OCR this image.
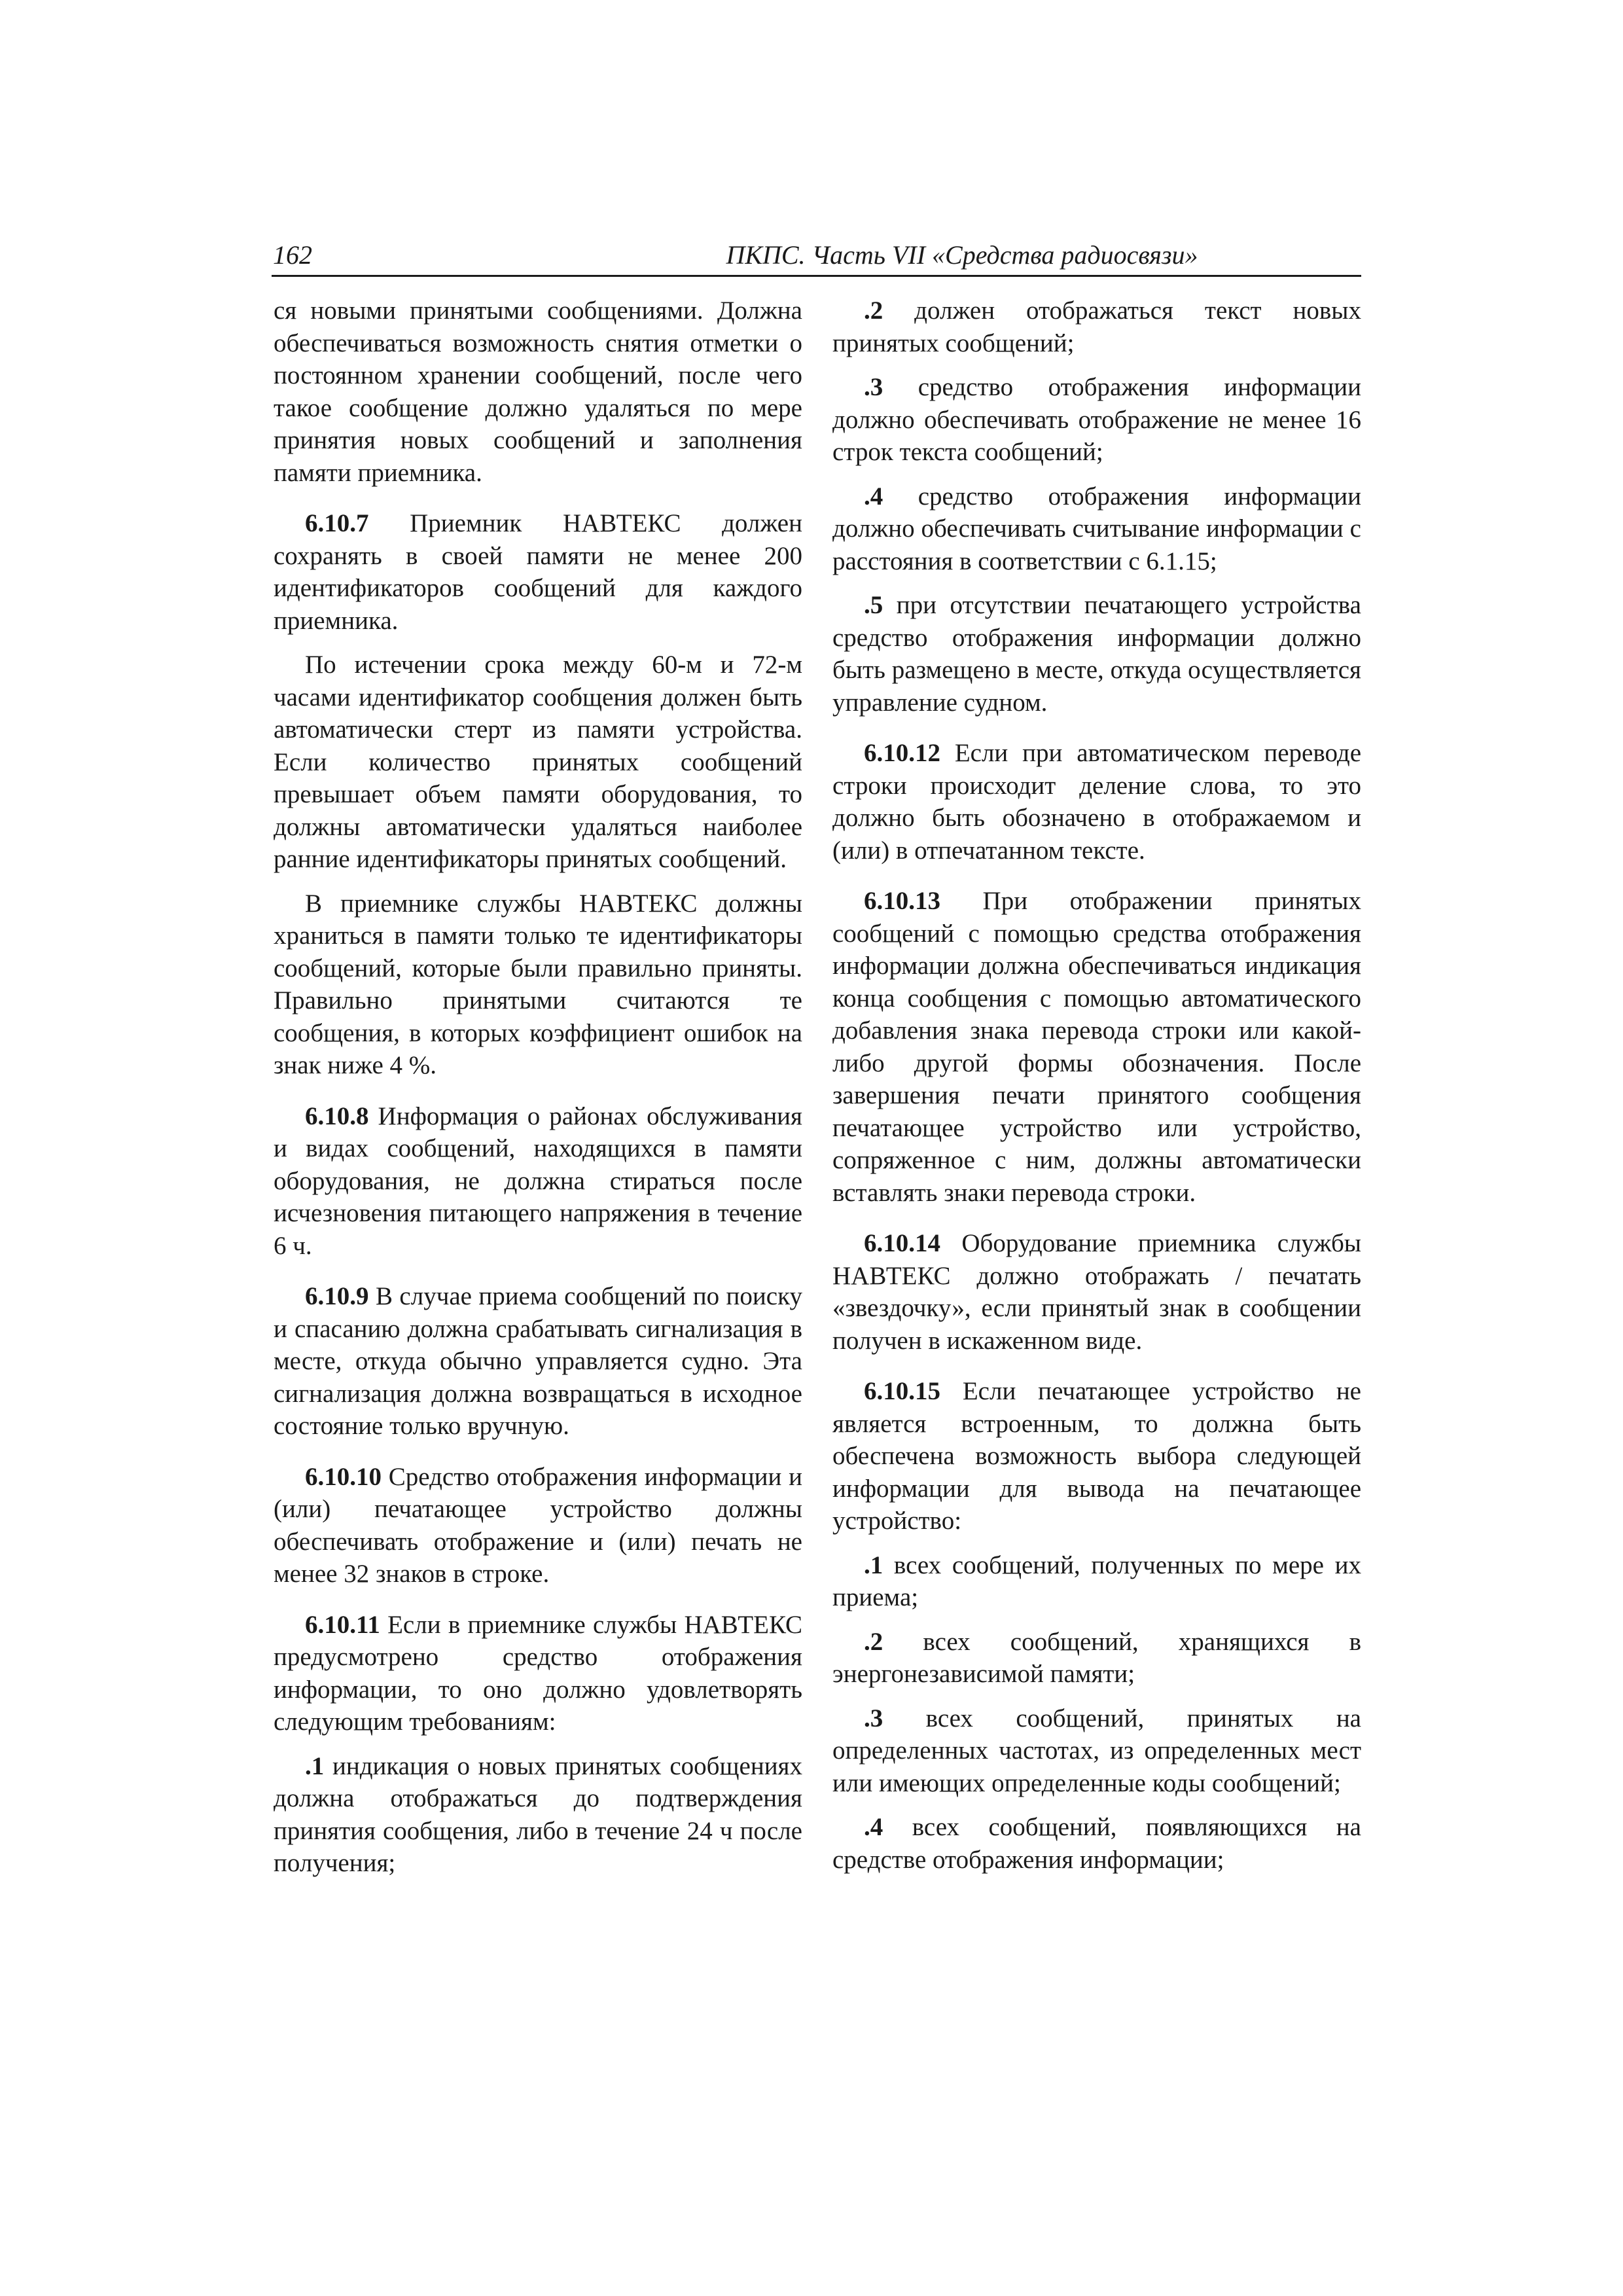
162	ПКПС. Часть VII «Средства радиосвязи»

ся новыми принятыми сообщениями. Должна обеспечиваться возможность снятия отметки о постоянном хранении сообщений, после чего такое сообщение должно удаляться по мере принятия новых сообщений и заполнения памяти приемника.

6.10.7 Приемник НАВТЕКС должен сохранять в своей памяти не менее 200 идентификаторов сообщений для каждого приемника.

По истечении срока между 60-м и 72-м часами идентификатор сообщения должен быть автоматически стерт из памяти устройства. Если количество принятых сообщений превышает объем памяти оборудования, то должны автоматически удаляться наиболее ранние идентификаторы принятых сообщений.

В приемнике службы НАВТЕКС должны храниться в памяти только те идентификаторы сообщений, которые были правильно приняты. Правильно принятыми считаются те сообщения, в которых коэффициент ошибок на знак ниже 4 %.

6.10.8 Информация о районах обслуживания и видах сообщений, находящихся в памяти оборудования, не должна стираться после исчезновения питающего напряжения в течение 6 ч.

6.10.9 В случае приема сообщений по поиску и спасанию должна срабатывать сигнализация в месте, откуда обычно управляется судно. Эта сигнализация должна возвращаться в исходное состояние только вручную.

6.10.10 Средство отображения информации и (или) печатающее устройство должны обеспечивать отображение и (или) печать не менее 32 знаков в строке.

6.10.11 Если в приемнике службы НАВТЕКС предусмотрено средство отображения информации, то оно должно удовлетворять следующим требованиям:

.1 индикация о новых принятых сообщениях должна отображаться до подтверждения принятия сообщения, либо в течение 24 ч после получения;

.2 должен отображаться текст новых принятых сообщений;

.3 средство отображения информации должно обеспечивать отображение не менее 16 строк текста сообщений;

.4 средство отображения информации должно обеспечивать считывание информации с расстояния в соответствии с 6.1.15;

.5 при отсутствии печатающего устройства средство отображения информации должно быть размещено в месте, откуда осуществляется управление судном.

6.10.12 Если при автоматическом переводе строки происходит деление слова, то это должно быть обозначено в отображаемом и (или) в отпечатанном тексте.

6.10.13 При отображении принятых сообщений с помощью средства отображения информации должна обеспечиваться индикация конца сообщения с помощью автоматического добавления знака перевода строки или какой-либо другой формы обозначения. После завершения печати принятого сообщения печатающее устройство или устройство, сопряженное с ним, должны автоматически вставлять знаки перевода строки.

6.10.14 Оборудование приемника службы НАВТЕКС должно отображать / печатать «звездочку», если принятый знак в сообщении получен в искаженном виде.

6.10.15 Если печатающее устройство не является встроенным, то должна быть обеспечена возможность выбора следующей информации для вывода на печатающее устройство:

.1 всех сообщений, полученных по мере их приема;

.2 всех сообщений, хранящихся в энергонезависимой памяти;

.3 всех сообщений, принятых на определенных частотах, из определенных мест или имеющих определенные коды сообщений;

.4 всех сообщений, появляющихся на средстве отображения информации;
